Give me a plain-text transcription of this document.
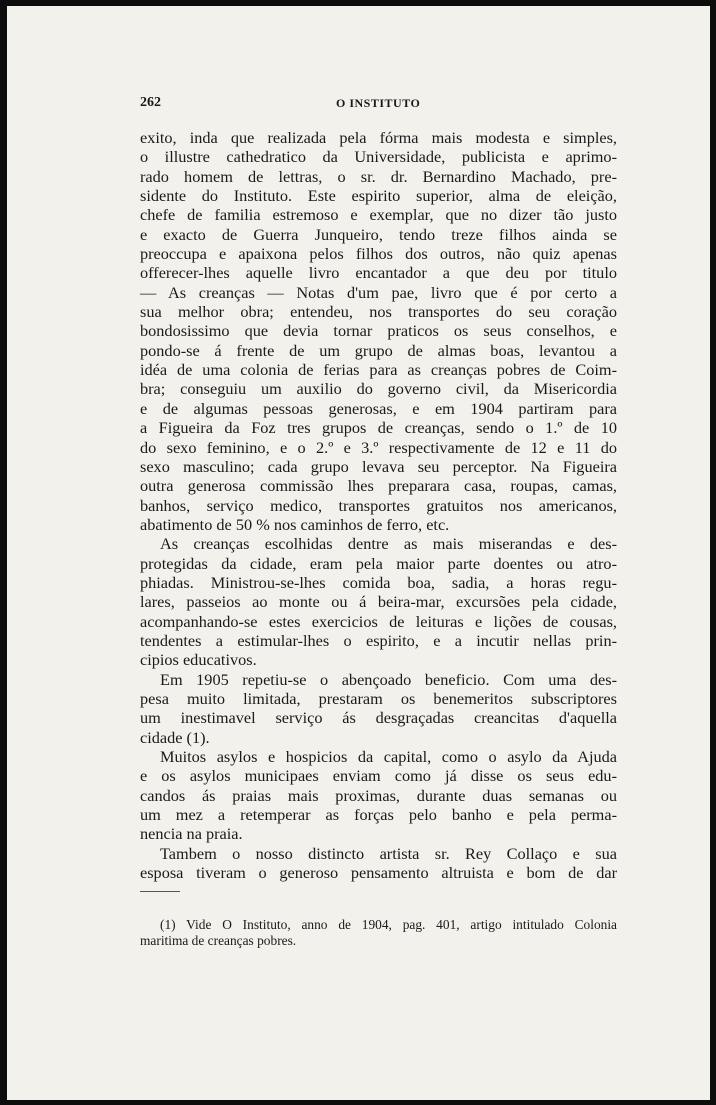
262	O INSTITUTO
exito, inda que realizada pela fórma mais modesta e simples,
o illustre cathedratico da Universidade, publicista e aprimo-
rado homem de lettras, o sr. dr. Bernardino Machado, pre-
sidente do Instituto. Este espirito superior, alma de eleição,
chefe de familia estremoso e exemplar, que no dizer tão justo
e exacto de Guerra Junqueiro, tendo treze filhos ainda se
preoccupa e apaixona pelos filhos dos outros, não quiz apenas
offerecer-lhes aquelle livro encantador a que deu por titulo
— As creanças — Notas d'um pae, livro que é por certo a
sua melhor obra; entendeu, nos transportes do seu coração
bondosissimo que devia tornar praticos os seus conselhos, e
pondo-se á frente de um grupo de almas boas, levantou a
idéa de uma colonia de ferias para as creanças pobres de Coim-
bra; conseguiu um auxilio do governo civil, da Misericordia
e de algumas pessoas generosas, e em 1904 partiram para
a Figueira da Foz tres grupos de creanças, sendo o 1.º de 10
do sexo feminino, e o 2.º e 3.º respectivamente de 12 e 11 do
sexo masculino; cada grupo levava seu perceptor. Na Figueira
outra generosa commissão lhes preparara casa, roupas, camas,
banhos, serviço medico, transportes gratuitos nos americanos,
abatimento de 50 % nos caminhos de ferro, etc.
As creanças escolhidas dentre as mais miserandas e des-
protegidas da cidade, eram pela maior parte doentes ou atro-
phiadas. Ministrou-se-lhes comida boa, sadia, a horas regu-
lares, passeios ao monte ou á beira-mar, excursões pela cidade,
acompanhando-se estes exercicios de leituras e lições de cousas,
tendentes a estimular-lhes o espirito, e a incutir nellas prin-
cipios educativos.
Em 1905 repetiu-se o abençoado beneficio. Com uma des-
pesa muito limitada, prestaram os benemeritos subscriptores
um inestimavel serviço ás desgraçadas creancitas d'aquella
cidade (1).
Muitos asylos e hospicios da capital, como o asylo da Ajuda
e os asylos municipaes enviam como já disse os seus edu-
candos ás praias mais proximas, durante duas semanas ou
um mez a retemperar as forças pelo banho e pela perma-
nencia na praia.
Tambem o nosso distincto artista sr. Rey Collaço e sua
esposa tiveram o generoso pensamento altruista e bom de dar
(1) Vide O Instituto, anno de 1904, pag. 401, artigo intitulado Colonia
maritima de creanças pobres.
